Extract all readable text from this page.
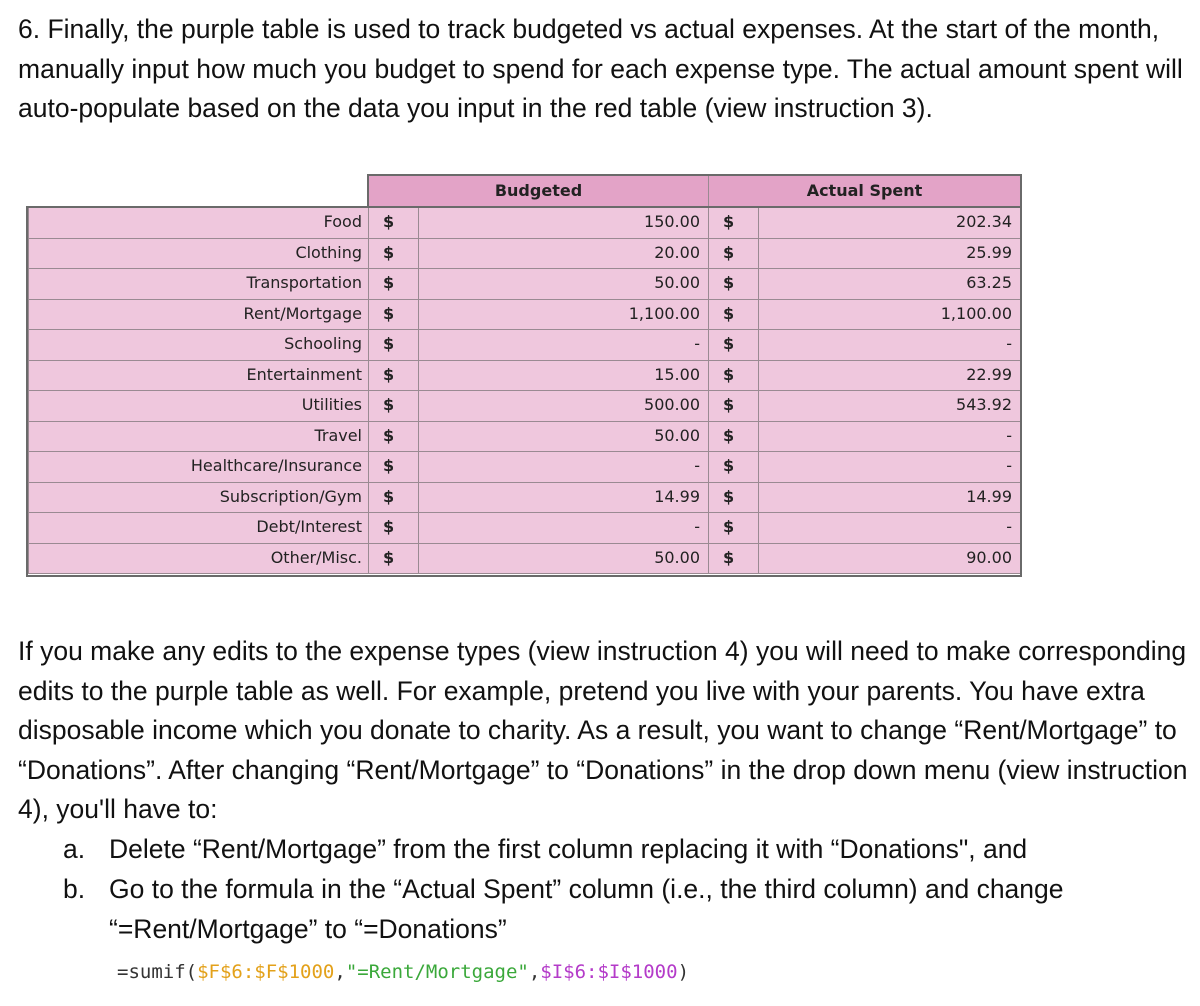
6. Finally, the purple table is used to track budgeted vs actual expenses. At the start of the month, manually input how much you budget to spend for each expense type. The actual amount spent will auto-populate based on the data you input in the red table (view instruction 3).

Budgeted	Actual Spent
Food	$	150.00	$	202.34
Clothing	$	20.00	$	25.99
Transportation	$	50.00	$	63.25
Rent/Mortgage	$	1,100.00	$	1,100.00
Schooling	$	-	$	-
Entertainment	$	15.00	$	22.99
Utilities	$	500.00	$	543.92
Travel	$	50.00	$	-
Healthcare/Insurance	$	-	$	-
Subscription/Gym	$	14.99	$	14.99
Debt/Interest	$	-	$	-
Other/Misc.	$	50.00	$	90.00

If you make any edits to the expense types (view instruction 4) you will need to make corresponding edits to the purple table as well. For example, pretend you live with your parents. You have extra disposable income which you donate to charity. As a result, you want to change “Rent/Mortgage” to “Donations”. After changing “Rent/Mortgage” to “Donations” in the drop down menu (view instruction 4), you'll have to:

a. Delete “Rent/Mortgage” from the first column replacing it with “Donations", and
b. Go to the formula in the “Actual Spent” column (i.e., the third column) and change “=Rent/Mortgage” to “=Donations”
=sumif($F$6:$F$1000,"=Rent/Mortgage",$I$6:$I$1000)
